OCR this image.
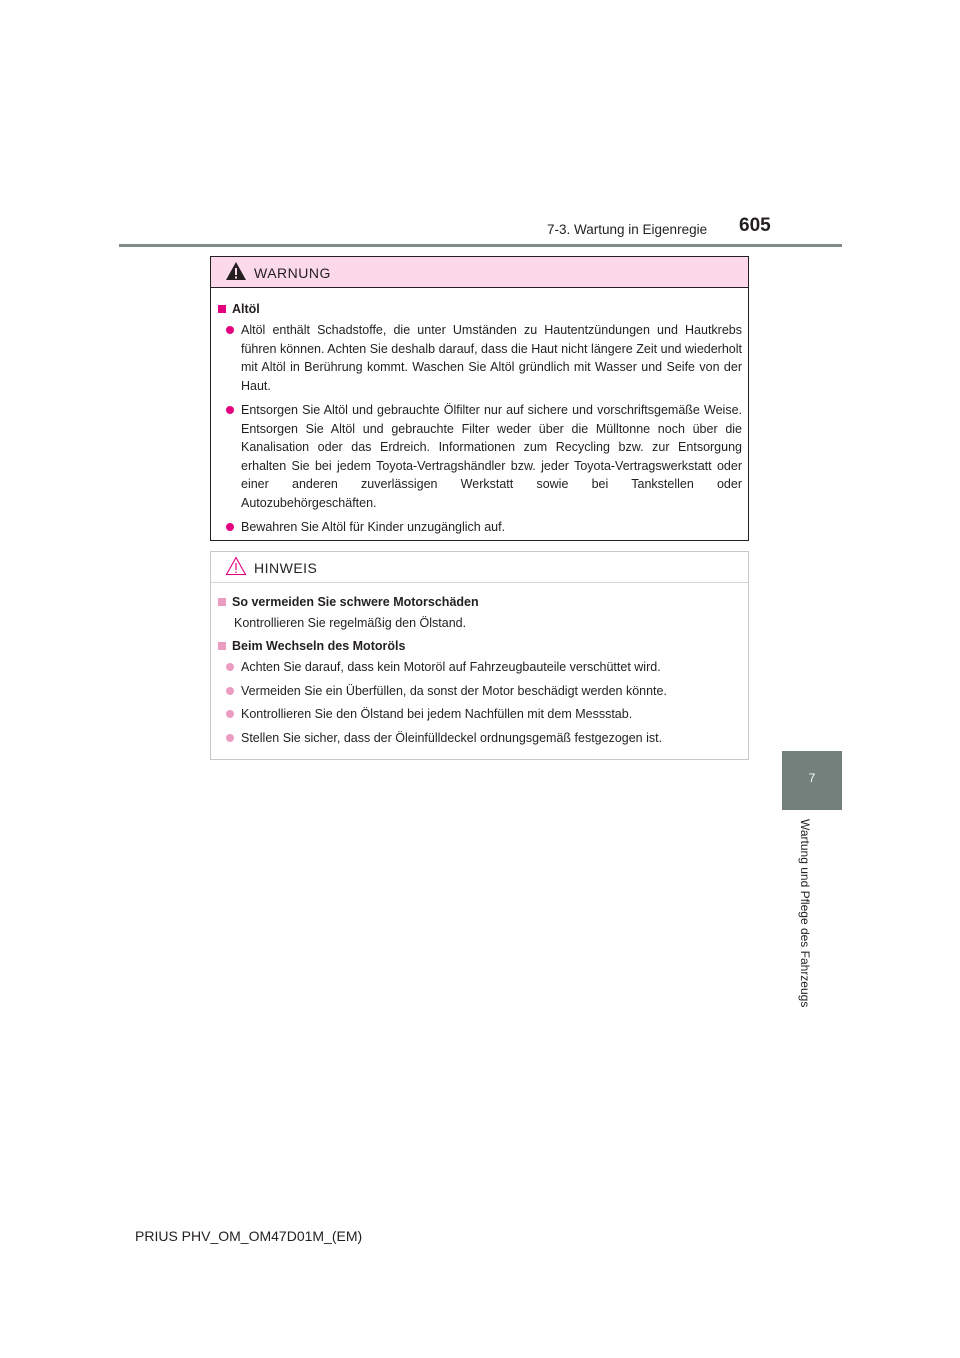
7-3. Wartung in Eigenregie 605
7
Wartung und Pflege des Fahrzeugs
WARNUNG
Altöl
Altöl enthält Schadstoffe, die unter Umständen zu Hautentzündungen und Hautkrebs führen können. Achten Sie deshalb darauf, dass die Haut nicht längere Zeit und wiederholt mit Altöl in Berührung kommt. Waschen Sie Altöl gründlich mit Wasser und Seife von der Haut.
Entsorgen Sie Altöl und gebrauchte Ölfilter nur auf sichere und vorschriftsgemäße Weise. Entsorgen Sie Altöl und gebrauchte Filter weder über die Mülltonne noch über die Kanalisation oder das Erdreich. Informationen zum Recycling bzw. zur Entsorgung erhalten Sie bei jedem Toyota-Vertragshändler bzw. jeder Toyota-Vertragswerkstatt oder einer anderen zuverlässigen Werkstatt sowie bei Tankstellen oder Autozubehörgeschäften.
Bewahren Sie Altöl für Kinder unzugänglich auf.
HINWEIS
So vermeiden Sie schwere Motorschäden
Kontrollieren Sie regelmäßig den Ölstand.
Beim Wechseln des Motoröls
Achten Sie darauf, dass kein Motoröl auf Fahrzeugbauteile verschüttet wird.
Vermeiden Sie ein Überfüllen, da sonst der Motor beschädigt werden könnte.
Kontrollieren Sie den Ölstand bei jedem Nachfüllen mit dem Messstab.
Stellen Sie sicher, dass der Öleinfülldeckel ordnungsgemäß festgezogen ist.
PRIUS PHV_OM_OM47D01M_(EM)
